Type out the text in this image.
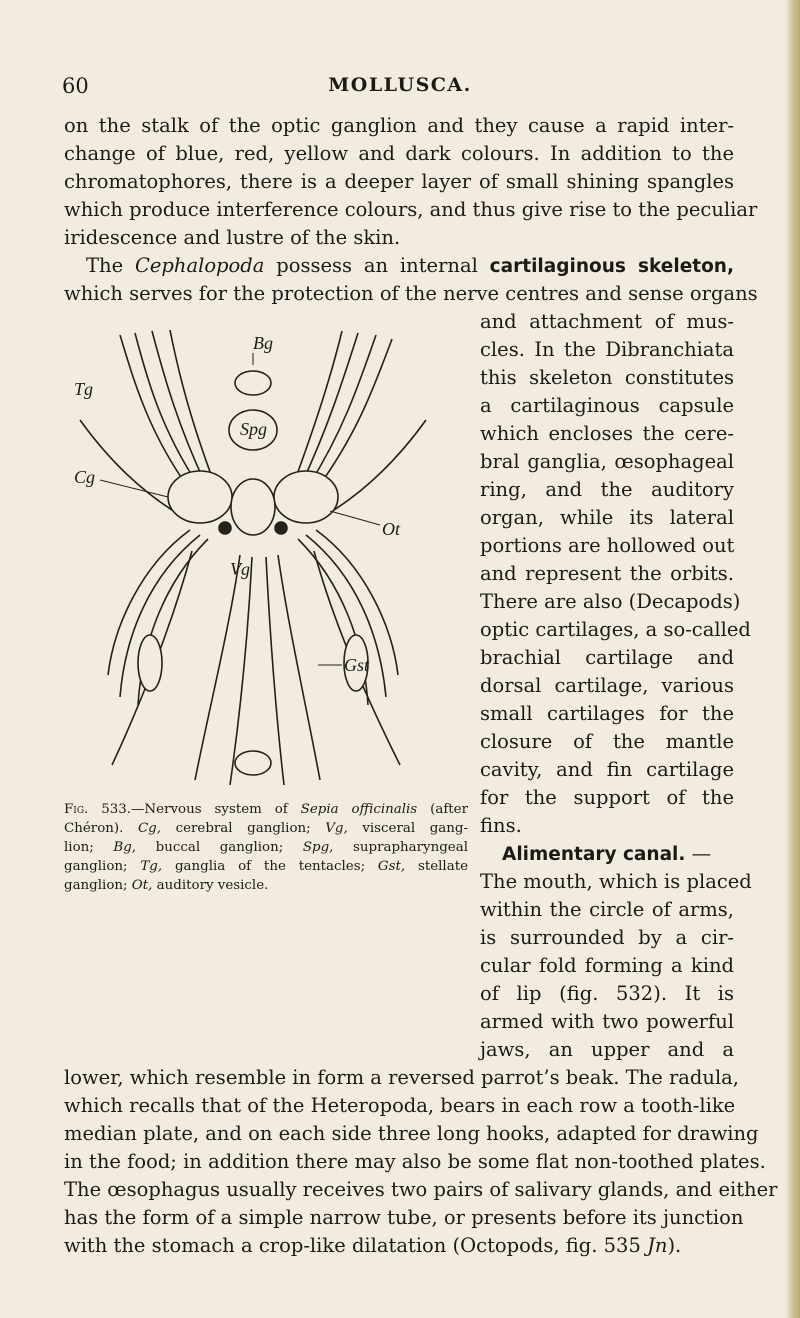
60	MOLLUSCA.
on the stalk of the optic ganglion and they cause a rapid inter-
change of blue, red, yellow and dark colours. In addition to the
chromatophores, there is a deeper layer of small shining spangles
which produce interference colours, and thus give rise to the peculiar
iridescence and lustre of the skin.
The Cephalopoda possess an internal cartilaginous skeleton,
which serves for the protection of the nerve centres and sense organs
and attachment of mus-
cles. In the Dibranchiata
this skeleton constitutes
a cartilaginous capsule
which encloses the cere-
bral ganglia, œsophageal
ring, and the auditory
organ, while its lateral
portions are hollowed out
and represent the orbits.
There are also (Decapods)
optic cartilages, a so-called
brachial cartilage and
dorsal cartilage, various
small cartilages for the
closure of the mantle
cavity, and fin cartilage
for the support of the
fins.
Alimentary canal. —
The mouth, which is placed
within the circle of arms,
is surrounded by a cir-
cular fold forming a kind
of lip (fig. 532). It is
armed with two powerful
jaws, an upper and a
Bg
Spg
Tg
Cg
Ot
Vg
Gst
Fig. 533.—Nervous system of Sepia officinalis (after
Chéron). Cg, cerebral ganglion; Vg, visceral gang-
lion; Bg, buccal ganglion; Spg, suprapharyngeal
ganglion; Tg, ganglia of the tentacles; Gst, stellate
ganglion; Ot, auditory vesicle.
lower, which resemble in form a reversed parrot’s beak. The radula,
which recalls that of the Heteropoda, bears in each row a tooth-like
median plate, and on each side three long hooks, adapted for drawing
in the food; in addition there may also be some flat non-toothed plates.
The œsophagus usually receives two pairs of salivary glands, and either
has the form of a simple narrow tube, or presents before its junction
with the stomach a crop-like dilatation (Octopods, fig. 535 Jn).
